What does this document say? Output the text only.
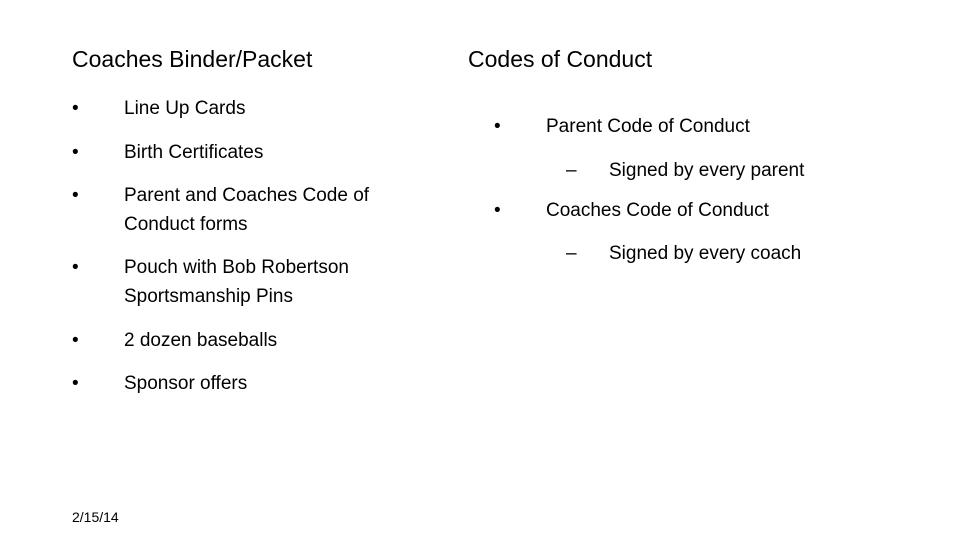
Coaches Binder/Packet
•	Line Up Cards
•	Birth Certificates
•	Parent and Coaches Code of
Conduct forms
•	Pouch with Bob Robertson
Sportsmanship Pins
•	2 dozen baseballs
•	Sponsor offers
Codes of Conduct
•	Parent Code of Conduct
–	Signed by every parent
•	Coaches Code of Conduct
–	Signed by every coach
2/15/14
